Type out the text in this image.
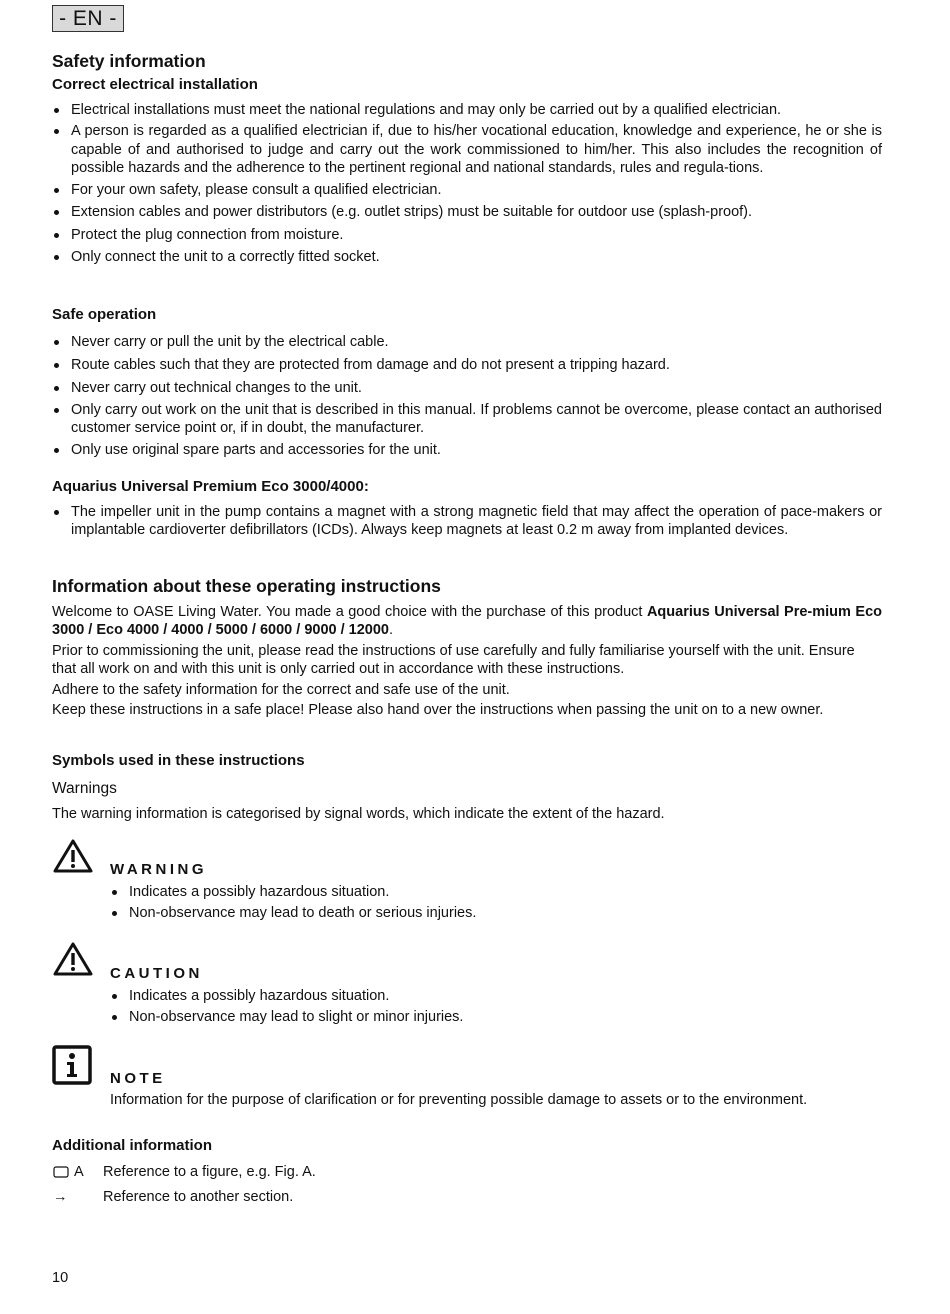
- EN -
Safety information
Correct electrical installation
Electrical installations must meet the national regulations and may only be carried out by a qualified electrician.
A person is regarded as a qualified electrician if, due to his/her vocational education, knowledge and experience, he or she is capable of and authorised to judge and carry out the work commissioned to him/her. This also includes the recognition of possible hazards and the adherence to the pertinent regional and national standards, rules and regula-tions.
For your own safety, please consult a qualified electrician.
Extension cables and power distributors (e.g. outlet strips) must be suitable for outdoor use (splash-proof).
Protect the plug connection from moisture.
Only connect the unit to a correctly fitted socket.
Safe operation
Never carry or pull the unit by the electrical cable.
Route cables such that they are protected from damage and do not present a tripping hazard.
Never carry out technical changes to the unit.
Only carry out work on the unit that is described in this manual. If problems cannot be overcome, please contact an authorised customer service point or, if in doubt, the manufacturer.
Only use original spare parts and accessories for the unit.
Aquarius Universal Premium Eco 3000/4000:
The impeller unit in the pump contains a magnet with a strong magnetic field that may affect the operation of pace-makers or implantable cardioverter defibrillators (ICDs). Always keep magnets at least 0.2 m away from implanted devices.
Information about these operating instructions
Welcome to OASE Living Water. You made a good choice with the purchase of this product Aquarius Universal Pre-mium Eco 3000 / Eco 4000 / 4000 / 5000 / 6000 / 9000 / 12000.
Prior to commissioning the unit, please read the instructions of use carefully and fully familiarise yourself with the unit. Ensure that all work on and with this unit is only carried out in accordance with these instructions.
Adhere to the safety information for the correct and safe use of the unit.
Keep these instructions in a safe place! Please also hand over the instructions when passing the unit on to a new owner.
Symbols used in these instructions
Warnings
The warning information is categorised by signal words, which indicate the extent of the hazard.
WARNING
Indicates a possibly hazardous situation.
Non-observance may lead to death or serious injuries.
CAUTION
Indicates a possibly hazardous situation.
Non-observance may lead to slight or minor injuries.
NOTE
Information for the purpose of clarification or for preventing possible damage to assets or to the environment.
Additional information
A Reference to a figure, e.g. Fig. A.
→ Reference to another section.
10
